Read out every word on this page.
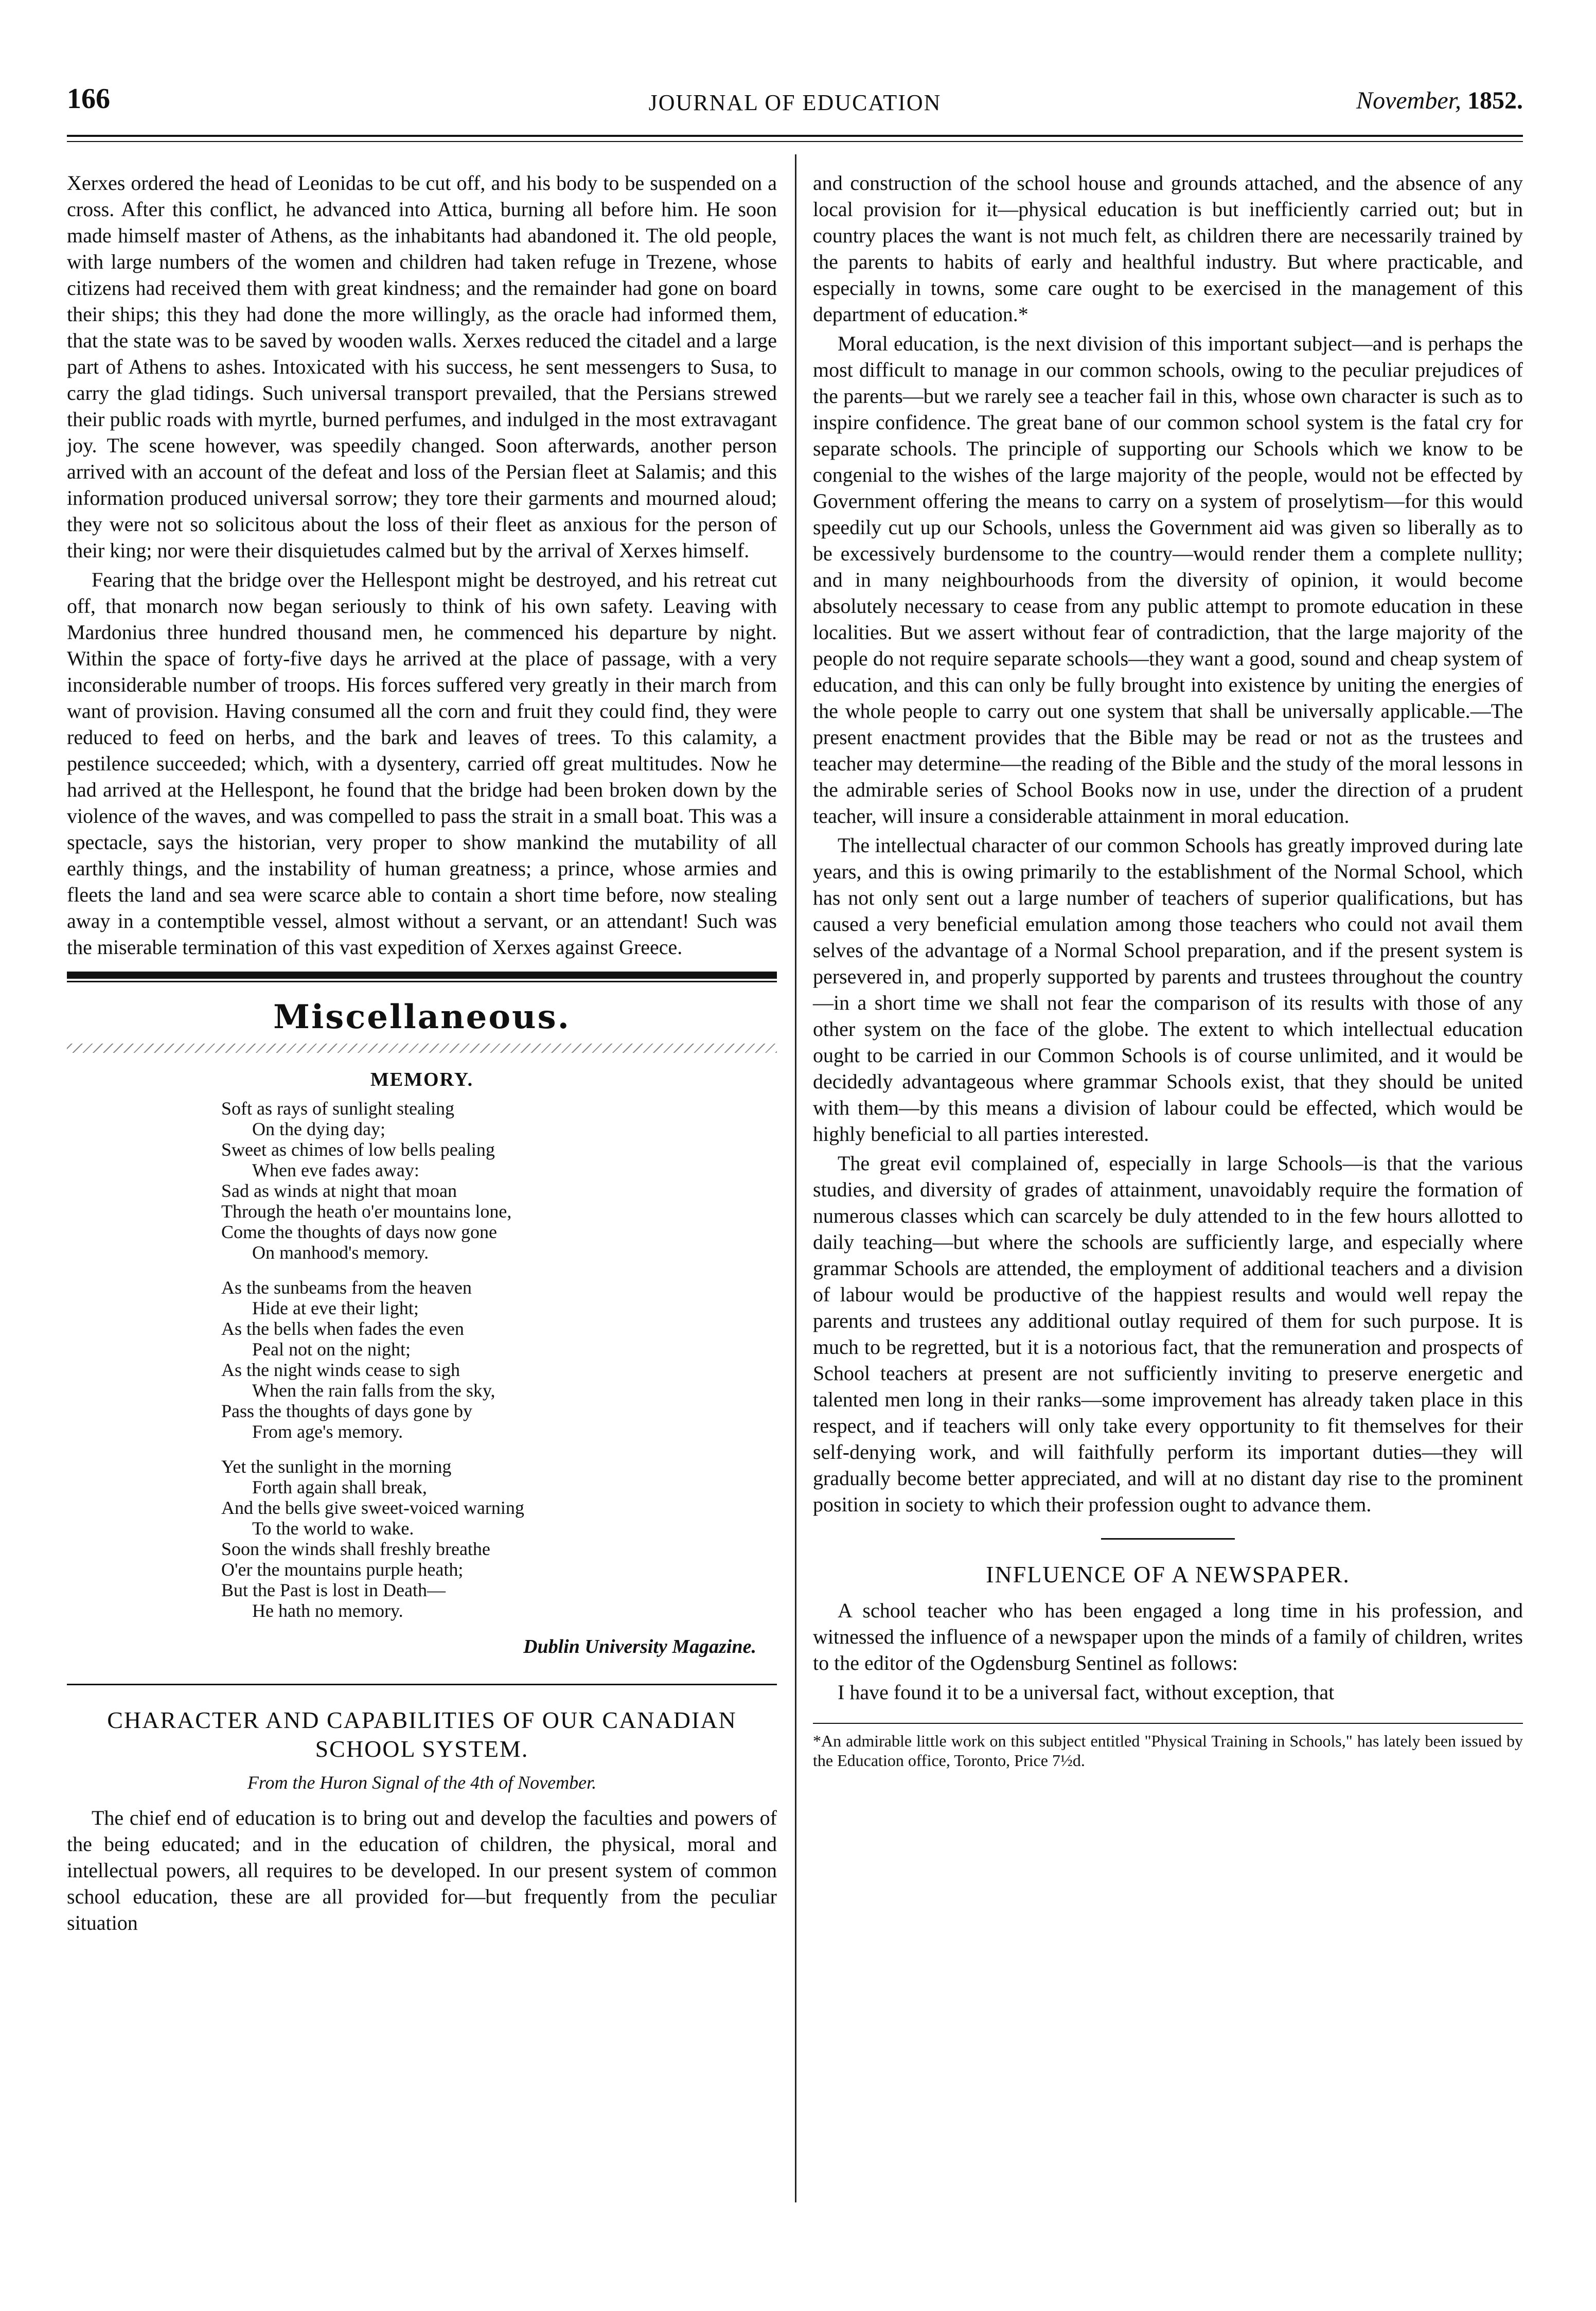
166	JOURNAL OF EDUCATION	November, 1852.

Xerxes ordered the head of Leonidas to be cut off, and his body to be suspended on a cross. After this conflict, he advanced into Attica, burning all before him. He soon made himself master of Athens, as the inhabitants had abandoned it. The old people, with large numbers of the women and children had taken refuge in Trezene, whose citizens had received them with great kindness; and the remainder had gone on board their ships; this they had done the more willingly, as the oracle had informed them, that the state was to be saved by wooden walls. Xerxes reduced the citadel and a large part of Athens to ashes. Intoxicated with his success, he sent messengers to Susa, to carry the glad tidings. Such universal transport prevailed, that the Persians strewed their public roads with myrtle, burned perfumes, and indulged in the most extravagant joy. The scene however, was speedily changed. Soon afterwards, another person arrived with an account of the defeat and loss of the Persian fleet at Salamis; and this information produced universal sorrow; they tore their garments and mourned aloud; they were not so solicitous about the loss of their fleet as anxious for the person of their king; nor were their disquietudes calmed but by the arrival of Xerxes himself.

Fearing that the bridge over the Hellespont might be destroyed, and his retreat cut off, that monarch now began seriously to think of his own safety. Leaving with Mardonius three hundred thousand men, he commenced his departure by night. Within the space of forty-five days he arrived at the place of passage, with a very inconsiderable number of troops. His forces suffered very greatly in their march from want of provision. Having consumed all the corn and fruit they could find, they were reduced to feed on herbs, and the bark and leaves of trees. To this calamity, a pestilence succeeded; which, with a dysentery, carried off great multitudes. Now he had arrived at the Hellespont, he found that the bridge had been broken down by the violence of the waves, and was compelled to pass the strait in a small boat. This was a spectacle, says the historian, very proper to show mankind the mutability of all earthly things, and the instability of human greatness; a prince, whose armies and fleets the land and sea were scarce able to contain a short time before, now stealing away in a contemptible vessel, almost without a servant, or an attendant! Such was the miserable termination of this vast expedition of Xerxes against Greece.

Miscellaneous.
MEMORY.
Soft as rays of sunlight stealing
On the dying day;
Sweet as chimes of low bells pealing
When eve fades away:
Sad as winds at night that moan
Through the heath o'er mountains lone,
Come the thoughts of days now gone
On manhood's memory.
As the sunbeams from the heaven
Hide at eve their light;
As the bells when fades the even
Peal not on the night;
As the night winds cease to sigh
When the rain falls from the sky,
Pass the thoughts of days gone by
From age's memory.
Yet the sunlight in the morning
Forth again shall break,
And the bells give sweet-voiced warning
To the world to wake.
Soon the winds shall freshly breathe
O'er the mountains purple heath;
But the Past is lost in Death—
He hath no memory.
Dublin University Magazine.
CHARACTER AND CAPABILITIES OF OUR CANADIAN SCHOOL SYSTEM.
From the Huron Signal of the 4th of November.

The chief end of education is to bring out and develop the faculties and powers of the being educated; and in the education of children, the physical, moral and intellectual powers, all requires to be developed. In our present system of common school education, these are all provided for—but frequently from the peculiar situation

and construction of the school house and grounds attached, and the absence of any local provision for it—physical education is but inefficiently carried out; but in country places the want is not much felt, as children there are necessarily trained by the parents to habits of early and healthful industry. But where practicable, and especially in towns, some care ought to be exercised in the management of this department of education.*

Moral education, is the next division of this important subject—and is perhaps the most difficult to manage in our common schools, owing to the peculiar prejudices of the parents—but we rarely see a teacher fail in this, whose own character is such as to inspire confidence. The great bane of our common school system is the fatal cry for separate schools. The principle of supporting our Schools which we know to be congenial to the wishes of the large majority of the people, would not be effected by Government offering the means to carry on a system of proselytism—for this would speedily cut up our Schools, unless the Government aid was given so liberally as to be excessively burdensome to the country—would render them a complete nullity; and in many neighbourhoods from the diversity of opinion, it would become absolutely necessary to cease from any public attempt to promote education in these localities. But we assert without fear of contradiction, that the large majority of the people do not require separate schools—they want a good, sound and cheap system of education, and this can only be fully brought into existence by uniting the energies of the whole people to carry out one system that shall be universally applicable.—The present enactment provides that the Bible may be read or not as the trustees and teacher may determine—the reading of the Bible and the study of the moral lessons in the admirable series of School Books now in use, under the direction of a prudent teacher, will insure a considerable attainment in moral education.

The intellectual character of our common Schools has greatly improved during late years, and this is owing primarily to the establishment of the Normal School, which has not only sent out a large number of teachers of superior qualifications, but has caused a very beneficial emulation among those teachers who could not avail them selves of the advantage of a Normal School preparation, and if the present system is persevered in, and properly supported by parents and trustees throughout the country—in a short time we shall not fear the comparison of its results with those of any other system on the face of the globe. The extent to which intellectual education ought to be carried in our Common Schools is of course unlimited, and it would be decidedly advantageous where grammar Schools exist, that they should be united with them—by this means a division of labour could be effected, which would be highly beneficial to all parties interested.

The great evil complained of, especially in large Schools—is that the various studies, and diversity of grades of attainment, unavoidably require the formation of numerous classes which can scarcely be duly attended to in the few hours allotted to daily teaching—but where the schools are sufficiently large, and especially where grammar Schools are attended, the employment of additional teachers and a division of labour would be productive of the happiest results and would well repay the parents and trustees any additional outlay required of them for such purpose. It is much to be regretted, but it is a notorious fact, that the remuneration and prospects of School teachers at present are not sufficiently inviting to preserve energetic and talented men long in their ranks—some improvement has already taken place in this respect, and if teachers will only take every opportunity to fit themselves for their self-denying work, and will faithfully perform its important duties—they will gradually become better appreciated, and will at no distant day rise to the prominent position in society to which their profession ought to advance them.

INFLUENCE OF A NEWSPAPER.

A school teacher who has been engaged a long time in his profession, and witnessed the influence of a newspaper upon the minds of a family of children, writes to the editor of the Ogdensburg Sentinel as follows:

I have found it to be a universal fact, without exception, that

*An admirable little work on this subject entitled "Physical Training in Schools," has lately been issued by the Education office, Toronto, Price 7½d.
